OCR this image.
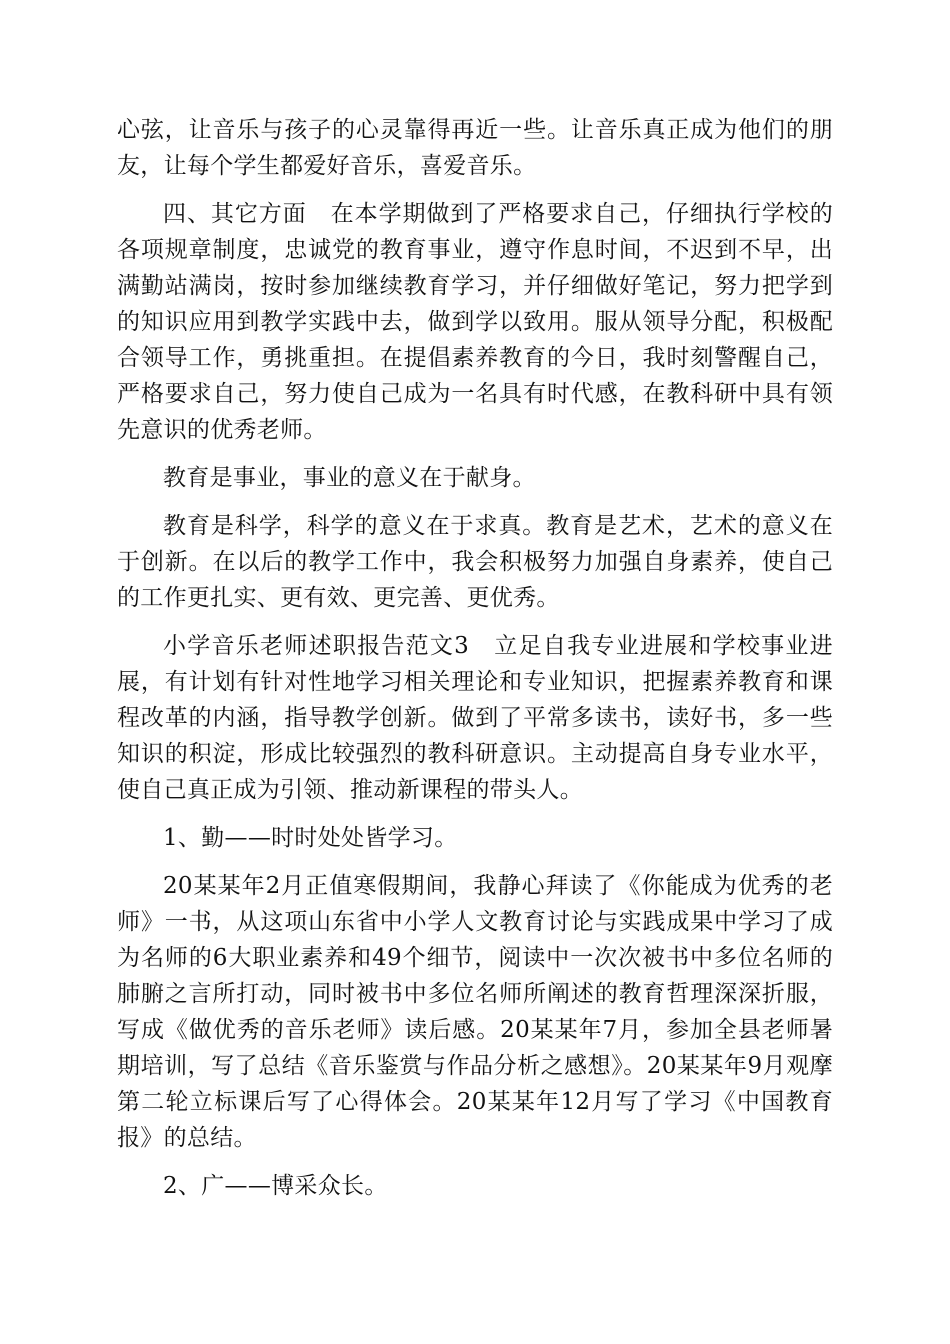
心弦，让音乐与孩子的心灵靠得再近一些。让音乐真正成为他们的朋友，让每个学生都爱好音乐，喜爱音乐。

四、其它方面　在本学期做到了严格要求自己，仔细执行学校的各项规章制度，忠诚党的教育事业，遵守作息时间，不迟到不早，出满勤站满岗，按时参加继续教育学习，并仔细做好笔记，努力把学到的知识应用到教学实践中去，做到学以致用。服从领导分配，积极配合领导工作，勇挑重担。在提倡素养教育的今日，我时刻警醒自己，严格要求自己，努力使自己成为一名具有时代感，在教科研中具有领先意识的优秀老师。

教育是事业，事业的意义在于献身。

教育是科学，科学的意义在于求真。教育是艺术，艺术的意义在于创新。在以后的教学工作中，我会积极努力加强自身素养，使自己的工作更扎实、更有效、更完善、更优秀。

小学音乐老师述职报告范文3　立足自我专业进展和学校事业进展，有计划有针对性地学习相关理论和专业知识，把握素养教育和课程改革的内涵，指导教学创新。做到了平常多读书，读好书，多一些知识的积淀，形成比较强烈的教科研意识。主动提高自身专业水平，使自己真正成为引领、推动新课程的带头人。

1、勤——时时处处皆学习。

20某某年2月正值寒假期间，我静心拜读了《你能成为优秀的老师》一书，从这项山东省中小学人文教育讨论与实践成果中学习了成为名师的6大职业素养和49个细节，阅读中一次次被书中多位名师的肺腑之言所打动，同时被书中多位名师所阐述的教育哲理深深折服，写成《做优秀的音乐老师》读后感。20某某年7月，参加全县老师暑期培训，写了总结《音乐鉴赏与作品分析之感想》。20某某年9月观摩第二轮立标课后写了心得体会。20某某年12月写了学习《中国教育报》的总结。

2、广——博采众长。
